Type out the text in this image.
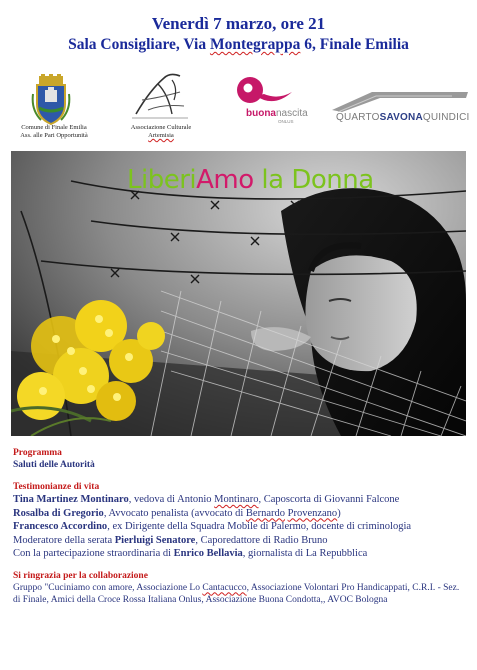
Venerdì 7 marzo, ore 21
Sala Consigliare, Via Montegrappa 6, Finale Emilia
Comune di Finale Emilia
Ass. alle Pari Opportunità
Associazione Culturale
Artemisia
buonanascita
ONLUS	QUARTOSAVONAQUINDICI
LiberiAmo la Donna
Programma
Saluti delle Autorità
Testimonianze di vita

Tina Martinez Montinaro, vedova di Antonio Montinaro, Caposcorta di Giovanni Falcone

Rosalba di Gregorio, Avvocato penalista (avvocato di Bernardo Provenzano)

Francesco Accordino, ex Dirigente della Squadra Mobile di Palermo, docente di criminologia

Moderatore della serata Pierluigi Senatore, Caporedattore di Radio Bruno

Con la partecipazione straordinaria di Enrico Bellavia, giornalista di La Repubblica

Si ringrazia per la collaborazione

Gruppo "Cuciniamo con amore, Associazione Lo Cantacucco, Associazione Volontari Pro Handicappati, C.R.I. - Sez. di Finale, Amici della Croce Rossa Italiana Onlus, Associazione Buona Condotta,, AVOC Bologna
